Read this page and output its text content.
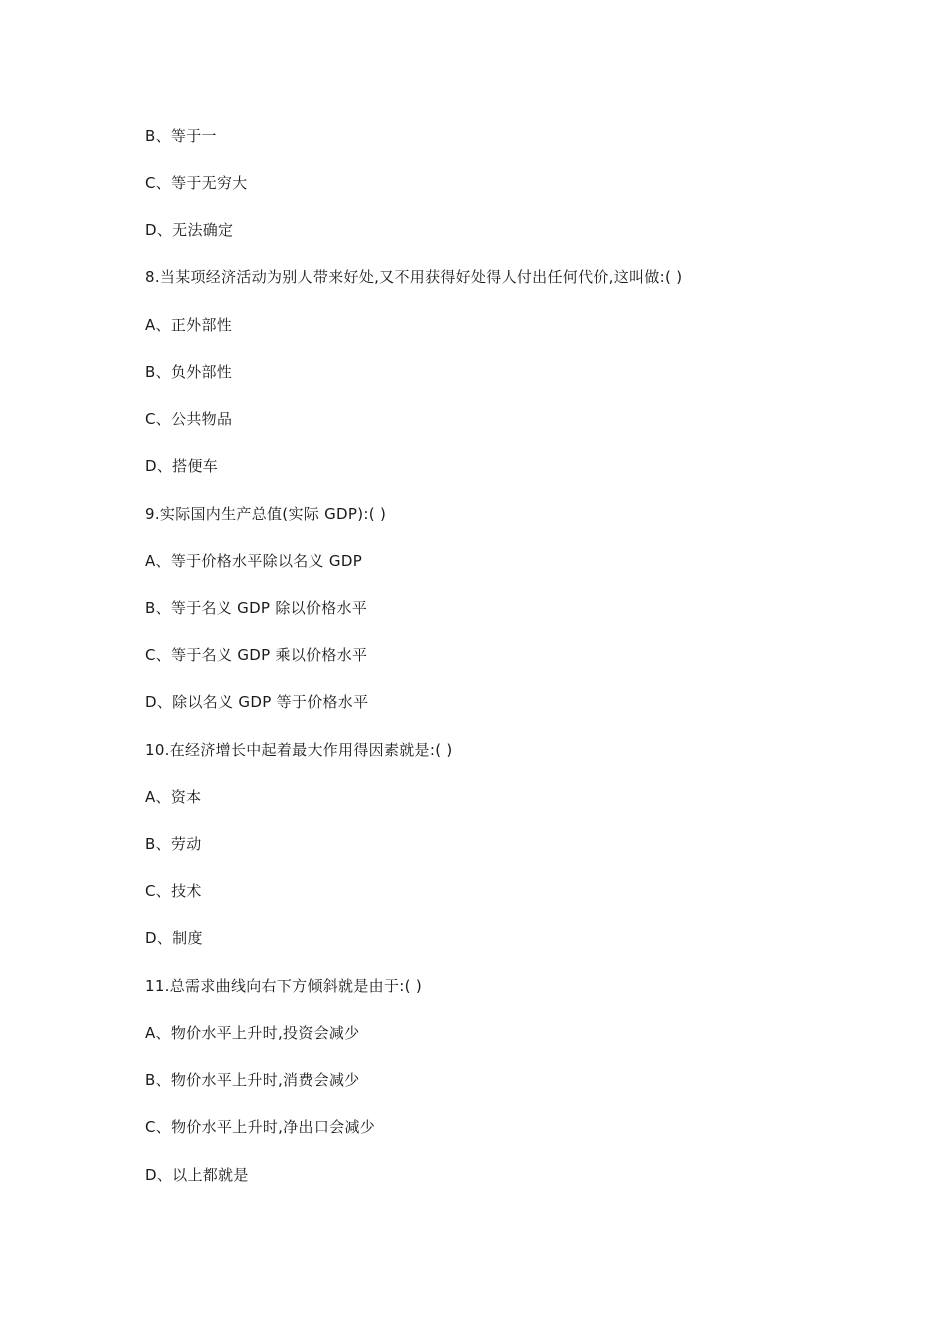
B、等于一
C、等于无穷大
D、无法确定
8.当某项经济活动为别人带来好处,又不用获得好处得人付出任何代价,这叫做:( )
A、正外部性
B、负外部性
C、公共物品
D、搭便车
9.实际国内生产总值(实际 GDP):( )
A、等于价格水平除以名义 GDP
B、等于名义 GDP 除以价格水平
C、等于名义 GDP 乘以价格水平
D、除以名义 GDP 等于价格水平
10.在经济增长中起着最大作用得因素就是:( )
A、资本
B、劳动
C、技术
D、制度
11.总需求曲线向右下方倾斜就是由于:( )
A、物价水平上升时,投资会减少
B、物价水平上升时,消费会减少
C、物价水平上升时,净出口会减少
D、以上都就是
